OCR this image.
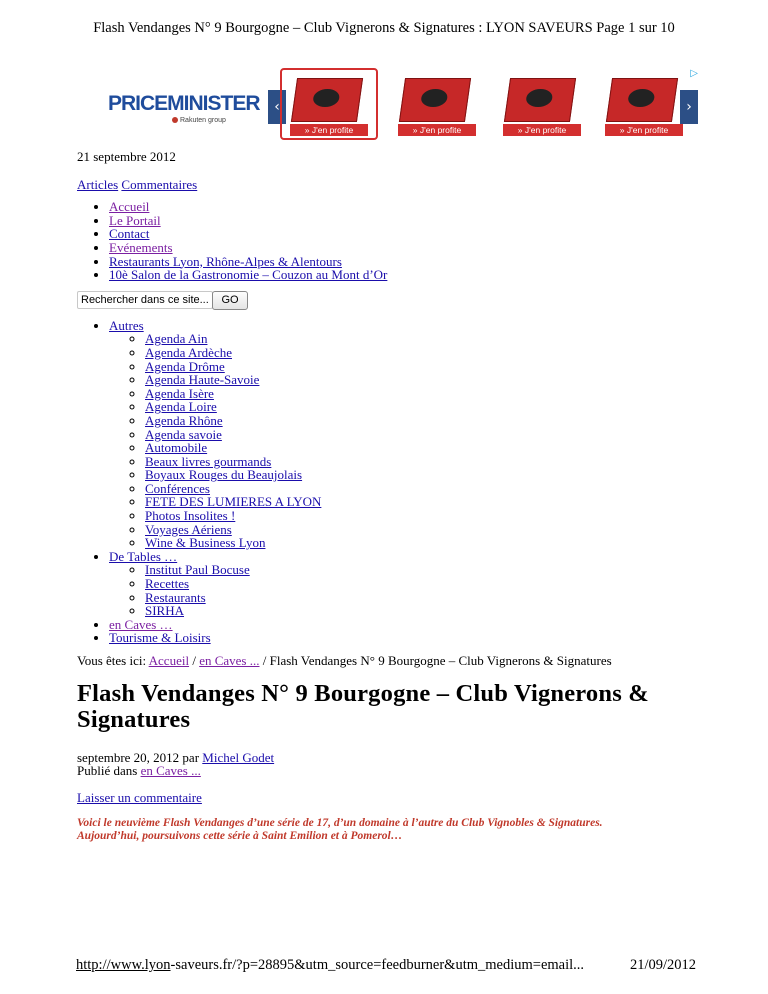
Flash Vendanges N° 9 Bourgogne – Club Vignerons & Signatures : LYON SAVEURS Page 1 sur 10
▷
PRICEMINISTER
Rakuten group
‹
» J'en profite	» J'en profite	» J'en profite	» J'en profite
›
21 septembre 2012
Articles Commentaires
• Accueil
• Le Portail
• Contact
• Evénements
• Restaurants Lyon, Rhône-Alpes & Alentours
• 10è Salon de la Gastronomie – Couzon au Mont d’Or
Rechercher dans ce site...
GO
• Autres
◦ Agenda Ain
◦ Agenda Ardèche
◦ Agenda Drôme
◦ Agenda Haute-Savoie
◦ Agenda Isère
◦ Agenda Loire
◦ Agenda Rhône
◦ Agenda savoie
◦ Automobile
◦ Beaux livres gourmands
◦ Boyaux Rouges du Beaujolais
◦ Conférences
◦ FETE DES LUMIERES A LYON
◦ Photos Insolites !
◦ Voyages Aériens
◦ Wine & Business Lyon
• De Tables …
◦ Institut Paul Bocuse
◦ Recettes
◦ Restaurants
◦ SIRHA
• en Caves …
• Tourisme & Loisirs
Vous êtes ici: Accueil / en Caves ... / Flash Vendanges N° 9 Bourgogne – Club Vignerons & Signatures
Flash Vendanges N° 9 Bourgogne – Club Vignerons & Signatures
septembre 20, 2012 par Michel Godet
Publié dans en Caves ...
Laisser un commentaire
Voici le neuvième Flash Vendanges d’une série de 17, d’un domaine à l’autre du Club Vignobles & Signatures.
Aujourd’hui, poursuivons cette série à Saint Emilion et à Pomerol…
http://www.lyon-saveurs.fr/?p=28895&utm_source=feedburner&utm_medium=email...	21/09/2012
